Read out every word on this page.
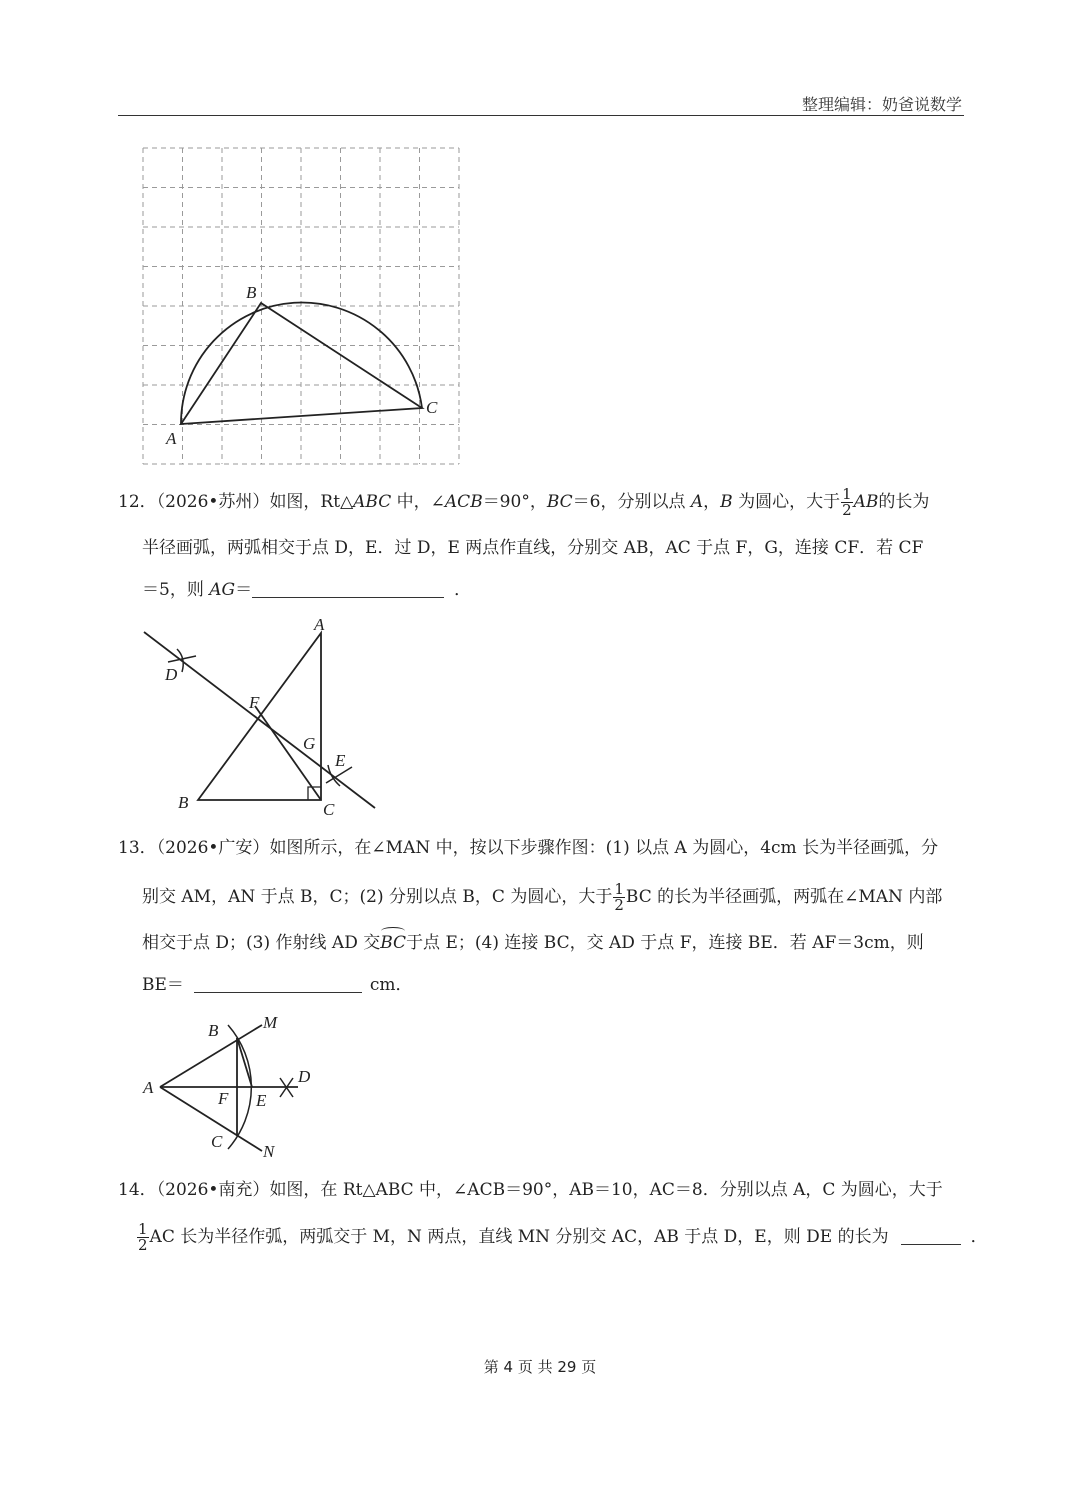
整理编辑：奶爸说数学
A
B
C
12．（2026•苏州）如图，Rt△ABC 中，∠ACB＝90°，BC＝6，分别以点 A，B 为圆心，大于 $\frac{1}{2}$ AB的长为
半径画弧，两弧相交于点 D，E．过 D，E 两点作直线，分别交 AB，AC 于点 F，G，连接 CF．若 CF
＝5，则 AG＝	．
A
B	C
D
E
F
G
13．（2026•广安）如图所示，在∠MAN 中，按以下步骤作图：(1) 以点 A 为圆心，4cm 长为半径画弧，分
别交 AM，AN 于点 B，C；(2) 分别以点 B，C 为圆心，大于 $\frac{1}{2}$ BC 的长为半径画弧，两弧在∠MAN 内部
相交于点 D；(3) 作射线 AD 交BC于点 E；(4) 连接 BC，交 AD 于点 F，连接 BE．若 AF＝3cm，则
BE＝	cm．
A
B
C
D
E
F
M
N
14．（2026•南充）如图，在 Rt△ABC 中，∠ACB＝90°，AB＝10，AC＝8．分别以点 A，C 为圆心，大于
$\frac{1}{2}$ AC 长为半径作弧，两弧交于 M，N 两点，直线 MN 分别交 AC，AB 于点 D，E，则 DE 的长为	．
第 4 页 共 29 页
